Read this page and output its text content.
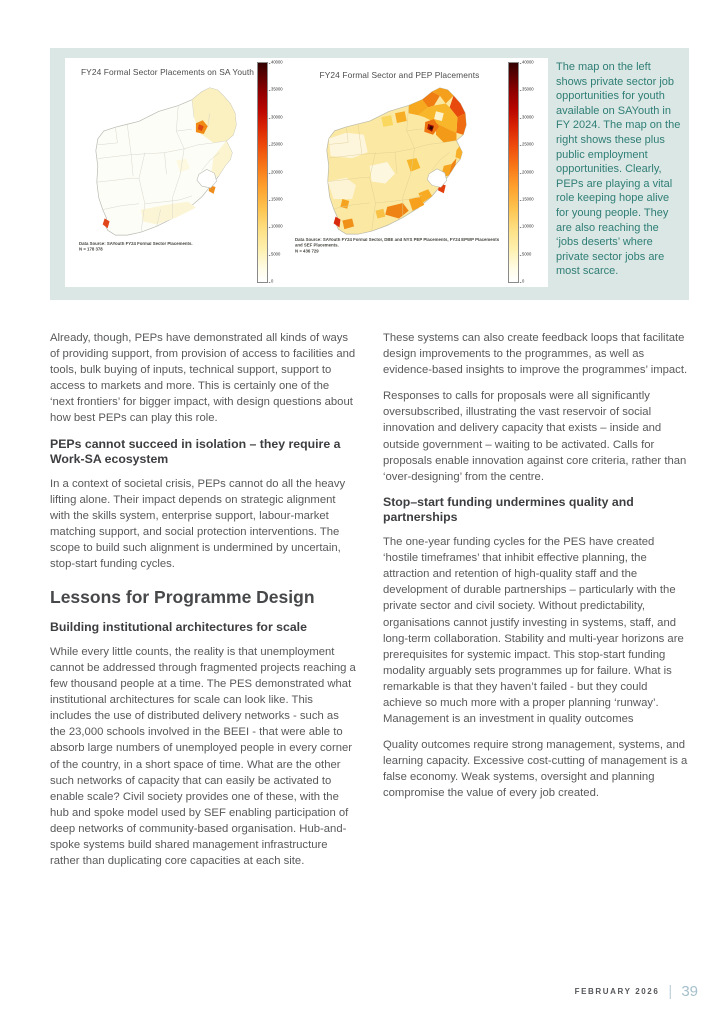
FY24 Formal Sector Placements on SA Youth
40000
35000
30000
25000
20000
15000
10000
5000
0
Data Source: SAYouth FY24 Formal Sector Placements.
N = 178 378
FY24 Formal Sector and PEP Placements
40000
35000
30000
25000
20000
15000
10000
5000
0
Data Source: SAYouth FY24 Formal Sector, DBE and NYS PEP Placements, FY24 EPWP Placements and SEF Placements.
N = 436 729
The map on the left shows private sector job opportunities for youth available on SAYouth in FY 2024. The map on the right shows these plus public employment opportunities. Clearly, PEPs are playing a vital role keeping hope alive for young people. They are also reaching the ‘jobs deserts’ where private sector jobs are most scarce.

Already, though, PEPs have demonstrated all kinds of ways of providing support, from provision of access to facilities and tools, bulk buying of inputs, technical support, support to access to markets and more. This is certainly one of the ‘next frontiers’ for bigger impact, with design questions about how best PEPs can play this role.

PEPs cannot succeed in isolation – they require a Work-SA ecosystem

In a context of societal crisis, PEPs cannot do all the heavy lifting alone. Their impact depends on strategic alignment with the skills system, enterprise support, labour-market matching support, and social protection interventions. The scope to build such alignment is undermined by uncertain, stop-start funding cycles.

Lessons for Programme Design
Building institutional architectures for scale

While every little counts, the reality is that unemployment cannot be addressed through fragmented projects reaching a few thousand people at a time. The PES demonstrated what institutional architectures for scale can look like. This includes the use of distributed delivery networks - such as the 23,000 schools involved in the BEEI - that were able to absorb large numbers of unemployed people in every corner of the country, in a short space of time. What are the other such networks of capacity that can easily be activated to enable scale? Civil society provides one of these, with the hub and spoke model used by SEF enabling participation of deep networks of community-based organisation. Hub-and-spoke systems build shared management infrastructure rather than duplicating core capacities at each site.

These systems can also create feedback loops that facilitate design improvements to the programmes, as well as evidence-based insights to improve the programmes’ impact.

Responses to calls for proposals were all significantly oversubscribed, illustrating the vast reservoir of social innovation and delivery capacity that exists – inside and outside government – waiting to be activated. Calls for proposals enable innovation against core criteria, rather than ‘over-designing’ from the centre.

Stop–start funding undermines quality and partnerships

The one-year funding cycles for the PES have created ‘hostile timeframes’ that inhibit effective planning, the attraction and retention of high-quality staff and the development of durable partnerships – particularly with the private sector and civil society. Without predictability, organisations cannot justify investing in systems, staff, and long-term collaboration. Stability and multi-year horizons are prerequisites for systemic impact. This stop-start funding modality arguably sets programmes up for failure. What is remarkable is that they haven’t failed - but they could achieve so much more with a proper planning ‘runway’. Management is an investment in quality outcomes

Quality outcomes require strong management, systems, and learning capacity. Excessive cost-cutting of management is a false economy. Weak systems, oversight and planning compromise the value of every job created.

FEBRUARY 2026 | 39
